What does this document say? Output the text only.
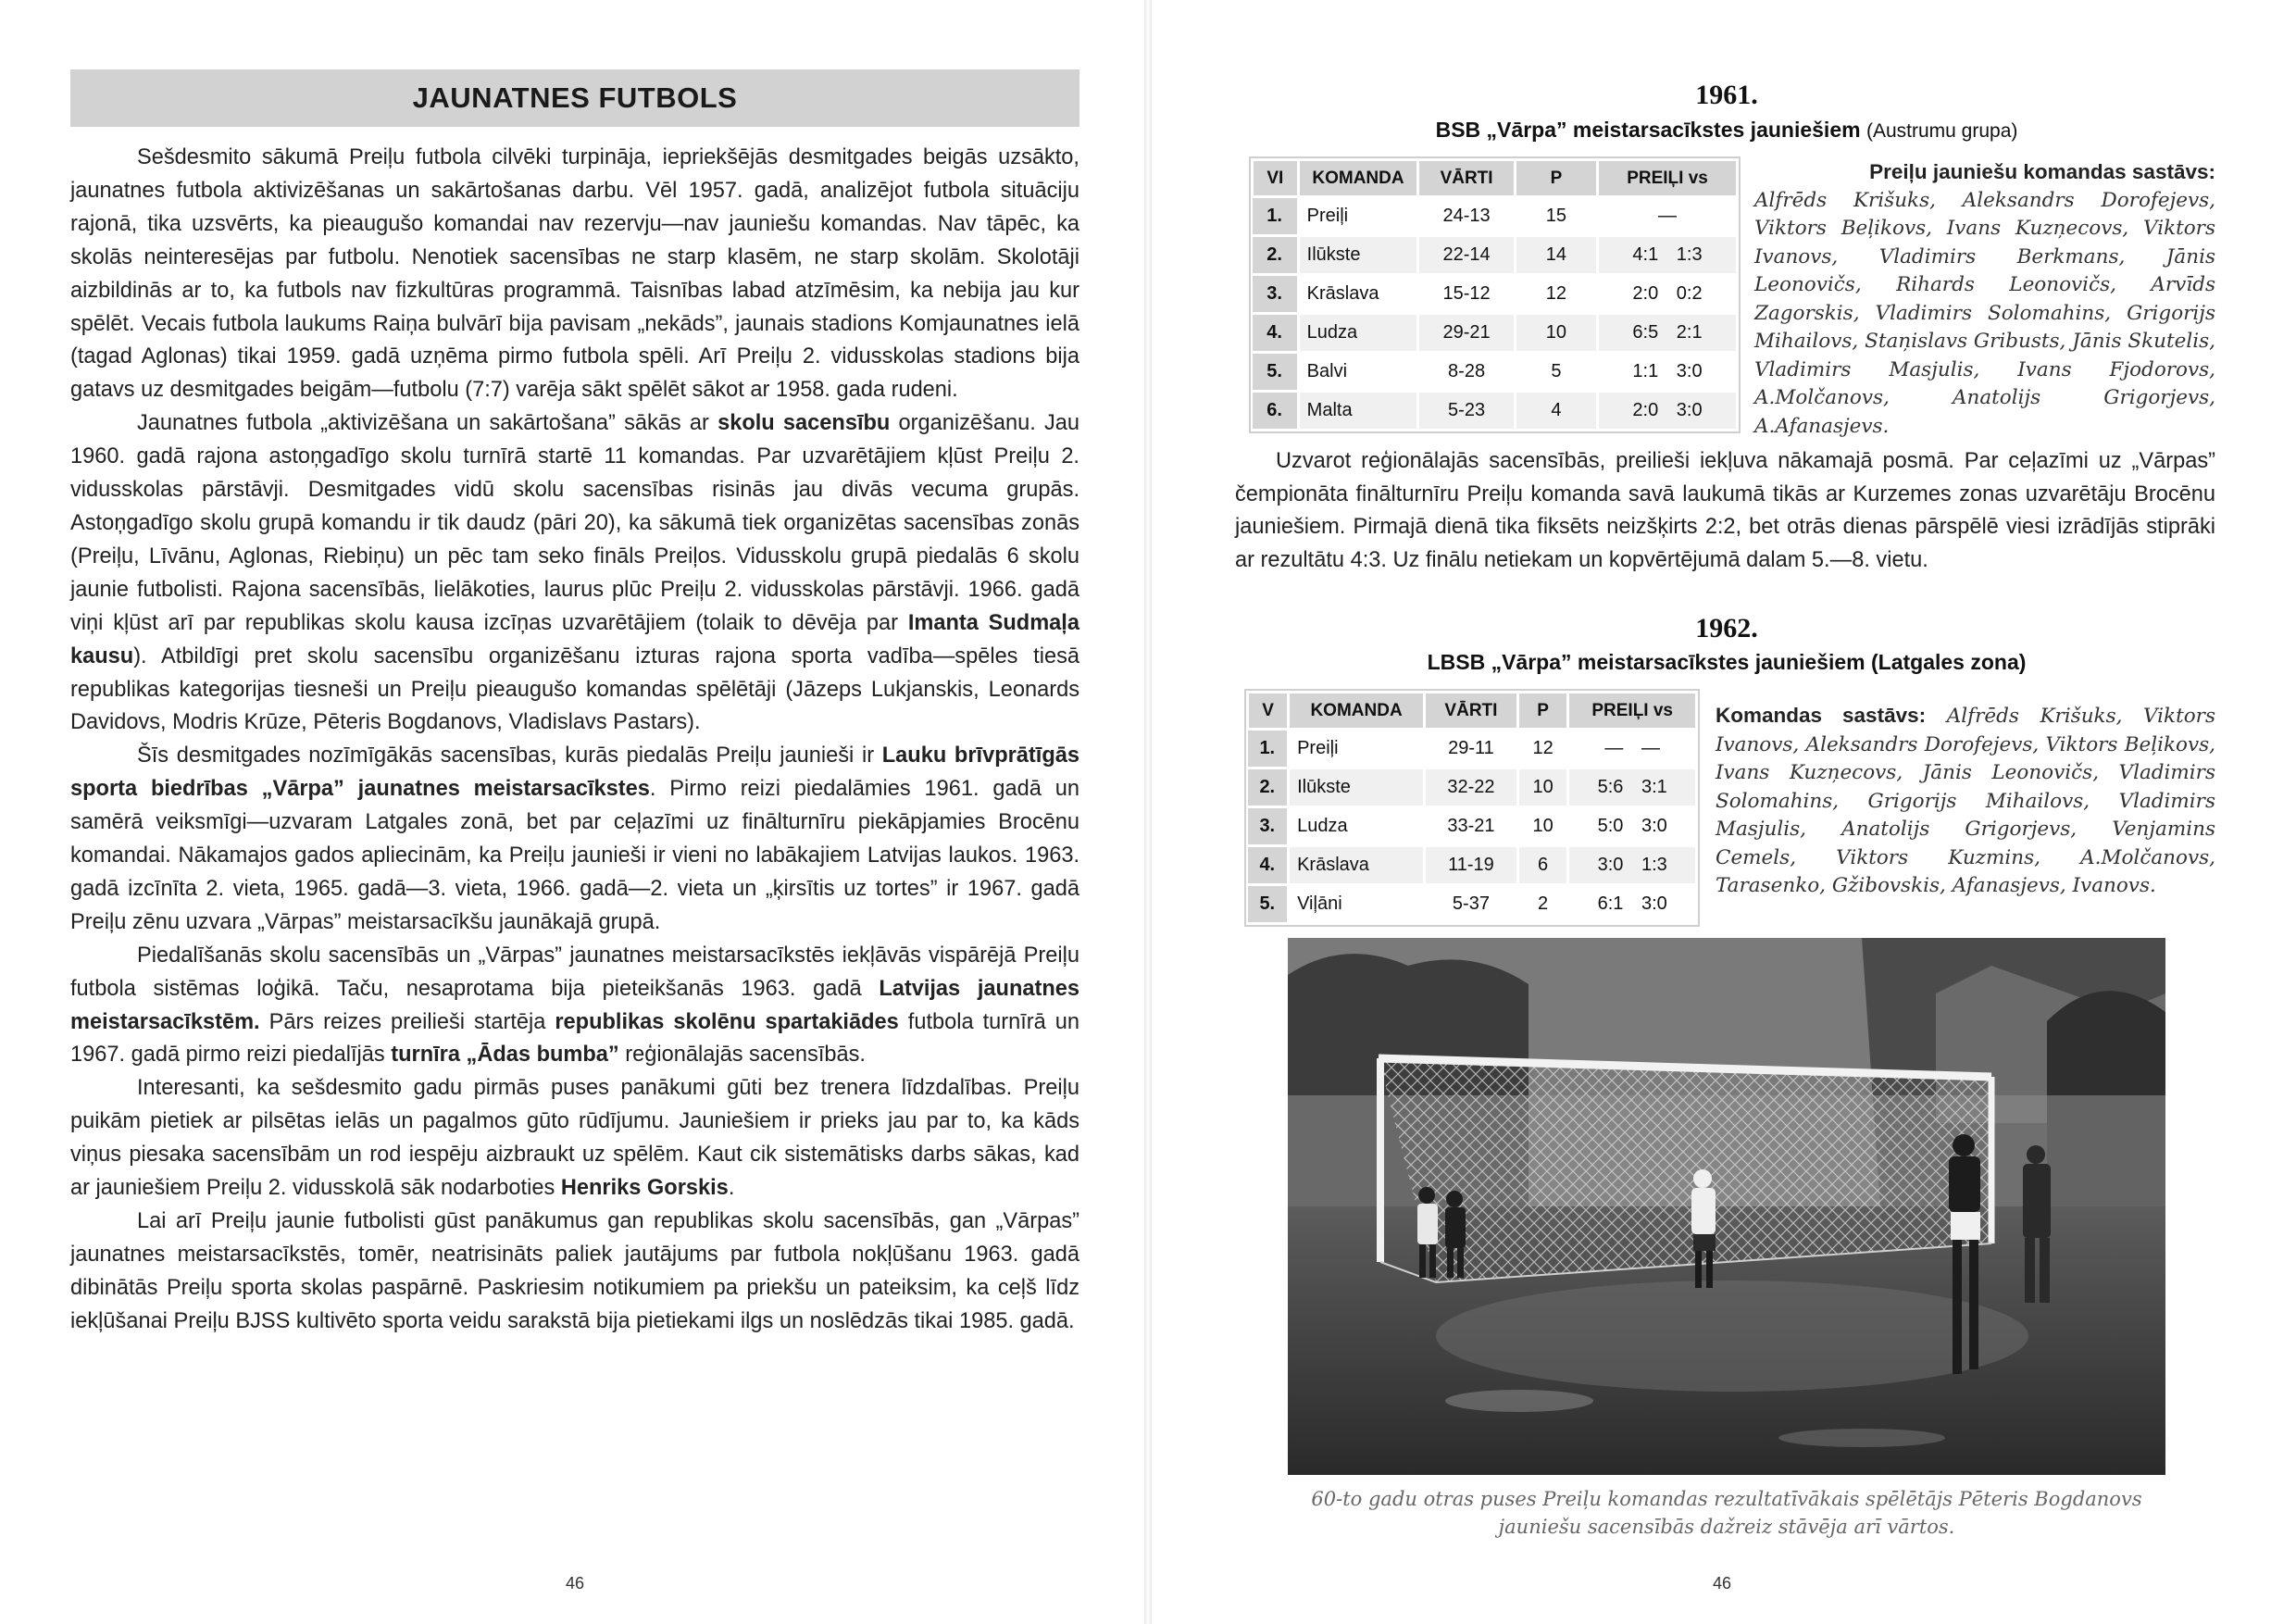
JAUNATNES FUTBOLS

Sešdesmito sākumā Preiļu futbola cilvēki turpināja, iepriekšējās desmitgades beigās uzsākto, jaunatnes futbola aktivizēšanas un sakārtošanas darbu. Vēl 1957. gadā, analizējot futbola situāciju rajonā, tika uzsvērts, ka pieaugušo komandai nav rezervju—nav jauniešu komandas. Nav tāpēc, ka skolās neinteresējas par futbolu. Nenotiek sacensības ne starp klasēm, ne starp skolām. Skolotāji aizbildinās ar to, ka futbols nav fizkultūras programmā. Taisnības labad atzīmēsim, ka nebija jau kur spēlēt. Vecais futbola laukums Raiņa bulvārī bija pavisam „nekāds”, jaunais stadions Komjaunatnes ielā (tagad Aglonas) tikai 1959. gadā uzņēma pirmo futbola spēli. Arī Preiļu 2. vidusskolas stadions bija gatavs uz desmitgades beigām—futbolu (7:7) varēja sākt spēlēt sākot ar 1958. gada rudeni.

Jaunatnes futbola „aktivizēšana un sakārtošana” sākās ar skolu sacensību organizēšanu. Jau 1960. gadā rajona astoņgadīgo skolu turnīrā startē 11 komandas. Par uzvarētājiem kļūst Preiļu 2. vidusskolas pārstāvji. Desmitgades vidū skolu sacensības risinās jau divās vecuma grupās. Astoņgadīgo skolu grupā komandu ir tik daudz (pāri 20), ka sākumā tiek organizētas sacensības zonās (Preiļu, Līvānu, Aglonas, Riebiņu) un pēc tam seko fināls Preiļos. Vidusskolu grupā piedalās 6 skolu jaunie futbolisti. Rajona sacensībās, lielākoties, laurus plūc Preiļu 2. vidusskolas pārstāvji. 1966. gadā viņi kļūst arī par republikas skolu kausa izcīņas uzvarētājiem (tolaik to dēvēja par Imanta Sudmaļa kausu). Atbildīgi pret skolu sacensību organizēšanu izturas rajona sporta vadība—spēles tiesā republikas kategorijas tiesneši un Preiļu pieaugušo komandas spēlētāji (Jāzeps Lukjanskis, Leonards Davidovs, Modris Krūze, Pēteris Bogdanovs, Vladislavs Pastars).

Šīs desmitgades nozīmīgākās sacensības, kurās piedalās Preiļu jaunieši ir Lauku brīvprātīgās sporta biedrības „Vārpa” jaunatnes meistarsacīkstes. Pirmo reizi piedalāmies 1961. gadā un samērā veiksmīgi—uzvaram Latgales zonā, bet par ceļazīmi uz finālturnīru piekāpjamies Brocēnu komandai. Nākamajos gados apliecinām, ka Preiļu jaunieši ir vieni no labākajiem Latvijas laukos. 1963. gadā izcīnīta 2. vieta, 1965. gadā—3. vieta, 1966. gadā—2. vieta un „ķirsītis uz tortes” ir 1967. gadā Preiļu zēnu uzvara „Vārpas” meistarsacīkšu jaunākajā grupā.

Piedalīšanās skolu sacensībās un „Vārpas” jaunatnes meistarsacīkstēs iekļāvās vispārējā Preiļu futbola sistēmas loģikā. Taču, nesaprotama bija pieteikšanās 1963. gadā Latvijas jaunatnes meistarsacīkstēm. Pārs reizes preilieši startēja republikas skolēnu spartakiādes futbola turnīrā un 1967. gadā pirmo reizi piedalījās turnīra „Ādas bumba” reģionālajās sacensībās.

Interesanti, ka sešdesmito gadu pirmās puses panākumi gūti bez trenera līdzdalības. Preiļu puikām pietiek ar pilsētas ielās un pagalmos gūto rūdījumu. Jauniešiem ir prieks jau par to, ka kāds viņus piesaka sacensībām un rod iespēju aizbraukt uz spēlēm. Kaut cik sistemātisks darbs sākas, kad ar jauniešiem Preiļu 2. vidusskolā sāk nodarboties Henriks Gorskis.

Lai arī Preiļu jaunie futbolisti gūst panākumus gan republikas skolu sacensībās, gan „Vārpas” jaunatnes meistarsacīkstēs, tomēr, neatrisināts paliek jautājums par futbola nokļūšanu 1963. gadā dibinātās Preiļu sporta skolas paspārnē. Paskriesim notikumiem pa priekšu un pateiksim, ka ceļš līdz iekļūšanai Preiļu BJSS kultivēto sporta veidu sarakstā bija pietiekami ilgs un noslēdzās tikai 1985. gadā.

46
1961.
BSB „Vārpa” meistarsacīkstes jauniešiem (Austrumu grupa)
VI	KOMANDA	VĀRTI	P	PREIĻI vs
1.	Preiļi	24-13	15	—
2.	Ilūkste	22-14	14	4:1 1:3
3.	Krāslava	15-12	12	2:0 0:2
4.	Ludza	29-21	10	6:5 2:1
5.	Balvi	8-28	5	1:1 3:0
6.	Malta	5-23	4	2:0 3:0
Preiļu jauniešu komandas sastāvs:
Alfrēds Krišuks, Aleksandrs Dorofejevs, Viktors Beļikovs, Ivans Kuzņecovs, Viktors Ivanovs, Vladimirs Berkmans, Jānis Leonovičs, Rihards Leonovičs, Arvīds Zagorskis, Vladimirs Solomahins, Grigorijs Mihailovs, Staņislavs Gribusts, Jānis Skutelis, Vladimirs Masjulis, Ivans Fjodorovs, A.Molčanovs, Anatolijs Grigorjevs, A.Afanasjevs.

Uzvarot reģionālajās sacensībās, preilieši iekļuva nākamajā posmā. Par ceļazīmi uz „Vārpas” čempionāta finālturnīru Preiļu komanda savā laukumā tikās ar Kurzemes zonas uzvarētāju Brocēnu jauniešiem. Pirmajā dienā tika fiksēts neizšķirts 2:2, bet otrās dienas pārspēlē viesi izrādījās stiprāki ar rezultātu 4:3. Uz finālu netiekam un kopvērtējumā dalam 5.—8. vietu.

1962.
LBSB „Vārpa” meistarsacīkstes jauniešiem (Latgales zona)
V	KOMANDA	VĀRTI	P	PREIĻI vs
1.	Preiļi	29-11	12	— —
2.	Ilūkste	32-22	10	5:6 3:1
3.	Ludza	33-21	10	5:0 3:0
4.	Krāslava	11-19	6	3:0 1:3
5.	Viļāni	5-37	2	6:1 3:0
Komandas sastāvs: Alfrēds Krišuks, Viktors Ivanovs, Aleksandrs Dorofejevs, Viktors Beļikovs, Ivans Kuzņecovs, Jānis Leonovičs, Vladimirs Solomahins, Grigorijs Mihailovs, Vladimirs Masjulis, Anatolijs Grigorjevs, Venjamins Cemels, Viktors Kuzmins, A.Molčanovs, Tarasenko, Gžibovskis, Afanasjevs, Ivanovs.
60-to gadu otras puses Preiļu komandas rezultatīvākais spēlētājs Pēteris Bogdanovs jauniešu sacensībās dažreiz stāvēja arī vārtos.
46
